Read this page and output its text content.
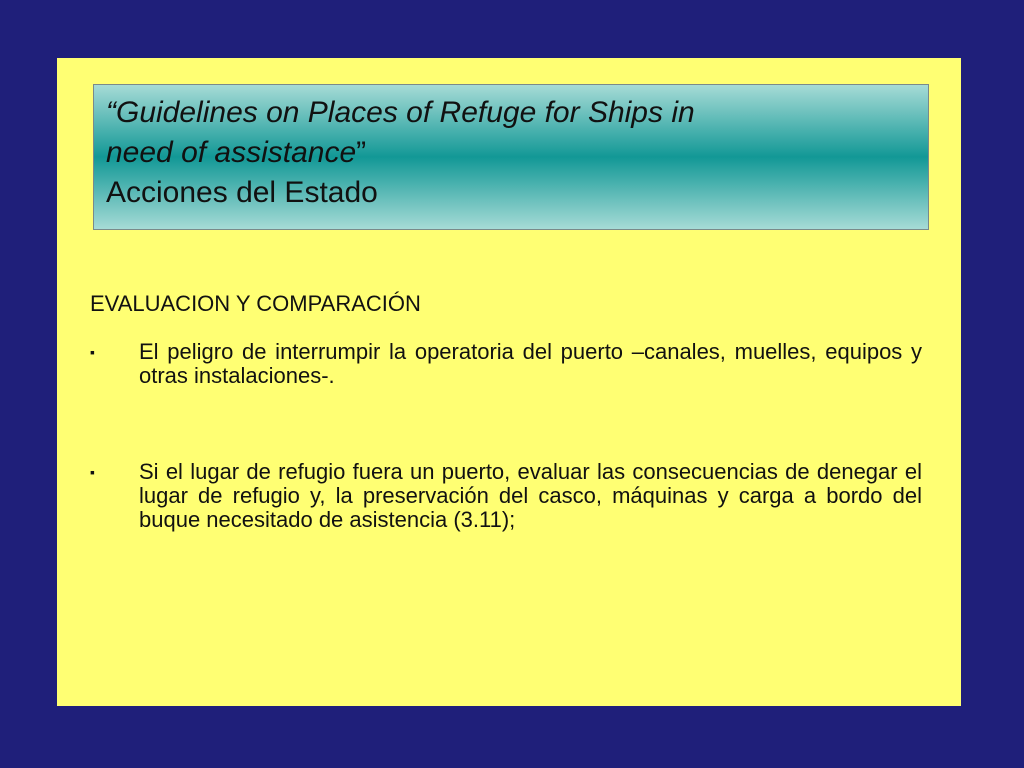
“Guidelines on Places of Refuge for Ships in
need of assistance”
Acciones del Estado
EVALUACION Y COMPARACIÓN
▪	El peligro de interrumpir la operatoria del puerto –canales, muelles, equipos y otras instalaciones-.
▪	Si el lugar de refugio fuera un puerto, evaluar las consecuencias de denegar el lugar de refugio y, la preservación del casco, máquinas y carga a bordo del buque necesitado de asistencia (3.11);
